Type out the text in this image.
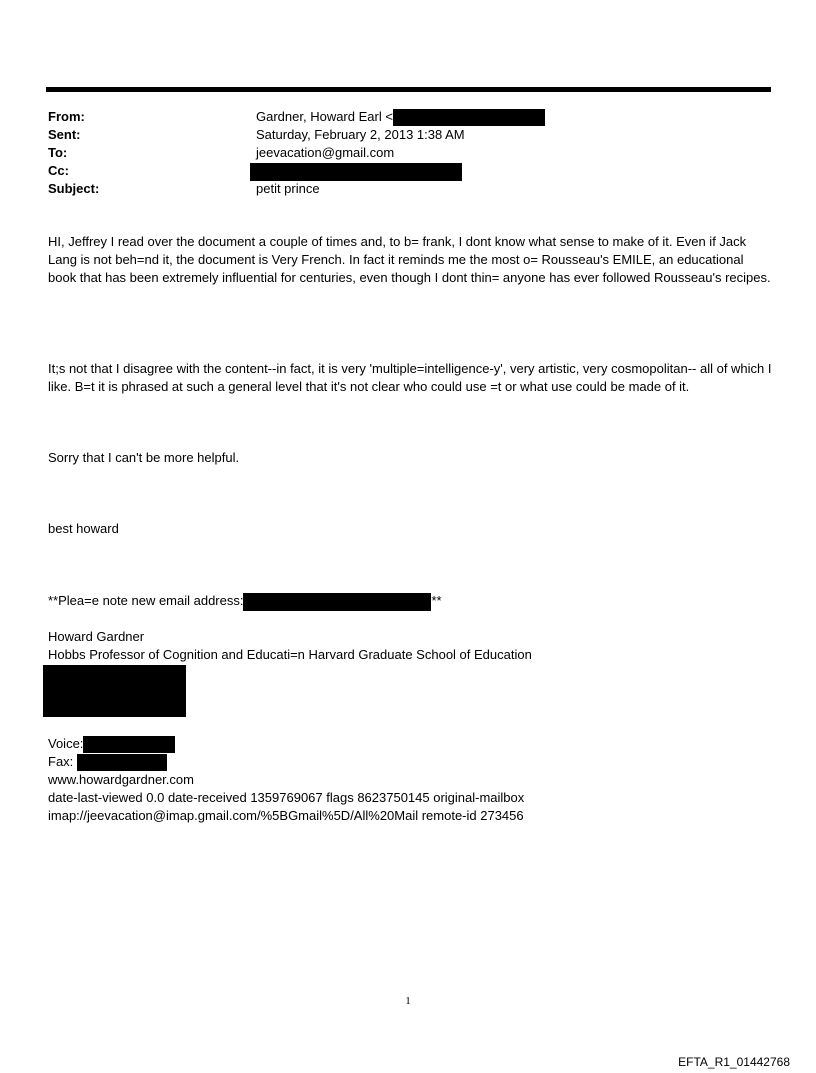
From:	Gardner, Howard Earl <
Sent:	Saturday, February 2, 2013 1:38 AM
To:	jeevacation@gmail.com
Cc:
Subject:	petit prince

HI, Jeffrey I read over the document a couple of times and, to b= frank, I dont know what sense to make of it. Even if Jack Lang is not beh=nd it, the document is Very French. In fact it reminds me the most o= Rousseau's EMILE, an educational book that has been extremely influential for centuries, even though I dont thin= anyone has ever followed Rousseau's recipes.

It;s not that I disagree with the content--in fact, it is very 'multiple=intelligence-y', very artistic, very cosmopolitan-- all of which I like. B=t it is phrased at such a general level that it's not clear who could use =t or what use could be made of it.

Sorry that I can't be more helpful.
best howard
**Plea=e note new email address:	**
Howard Gardner
Hobbs Professor of Cognition and Educati=n Harvard Graduate School of Education
Voice:
Fax:
www.howardgardner.com
date-last-viewed 0.0 date-received 1359769067 flags 8623750145 original-mailbox
imap://jeevacation@imap.gmail.com/%5BGmail%5D/All%20Mail remote-id 273456
1
EFTA_R1_01442768
